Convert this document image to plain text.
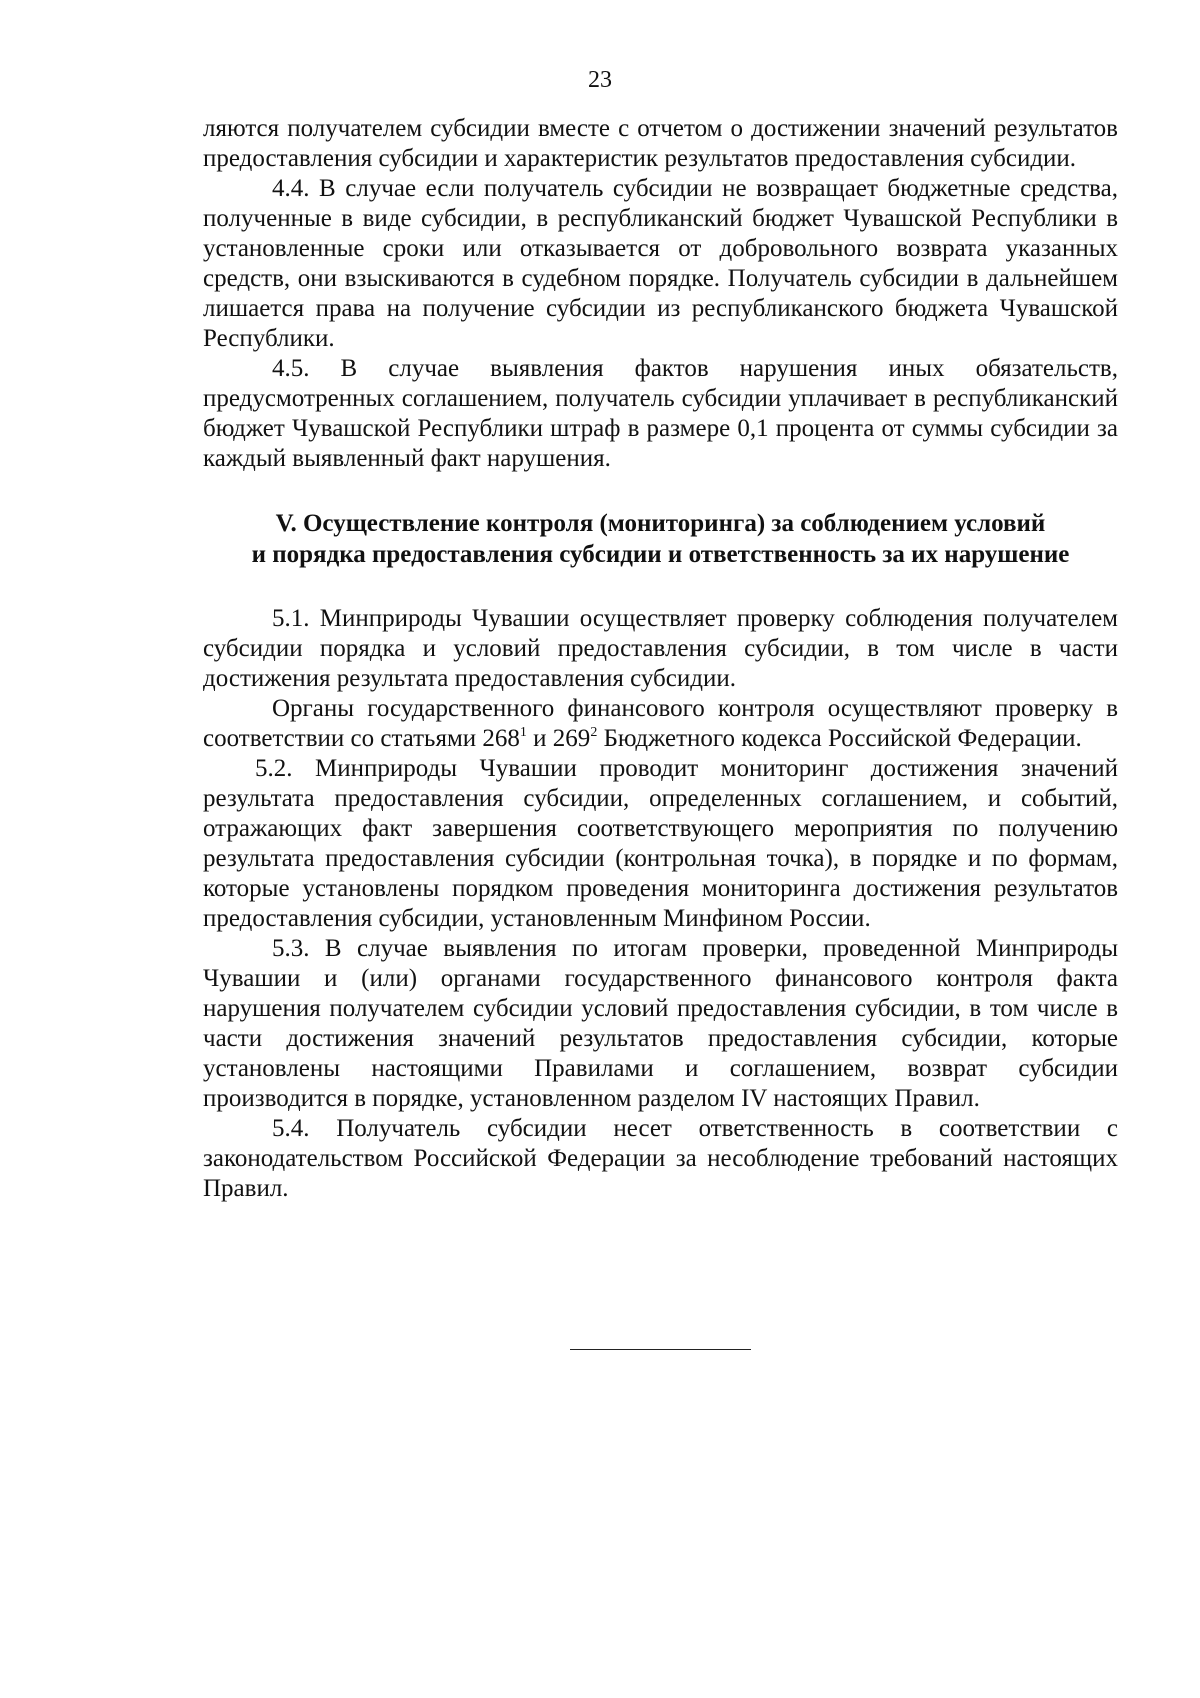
23

ляются получателем субсидии вместе с отчетом о достижении значений результатов предоставления субсидии и характеристик результатов предоставления субсидии.

4.4. В случае если получатель субсидии не возвращает бюджетные средства, полученные в виде субсидии, в республиканский бюджет Чувашской Республики в установленные сроки или отказывается от добровольного возврата указанных средств, они взыскиваются в судебном порядке. Получатель субсидии в дальнейшем лишается права на получение субсидии из республиканского бюджета Чувашской Республики.

4.5. В случае выявления фактов нарушения иных обязательств, предусмотренных соглашением, получатель субсидии уплачивает в республиканский бюджет Чувашской Республики штраф в размере 0,1 процента от суммы субсидии за каждый выявленный факт нарушения.

V. Осуществление контроля (мониторинга) за соблюдением условий
и порядка предоставления субсидии и ответственность за их нарушение

5.1. Минприроды Чувашии осуществляет проверку соблюдения получателем субсидии порядка и условий предоставления субсидии, в том числе в части достижения результата предоставления субсидии.

Органы государственного финансового контроля осуществляют проверку в соответствии со статьями $268^1$ и $269^2$ Бюджетного кодекса Российской Федерации.

5.2. Минприроды Чувашии проводит мониторинг достижения значений результата предоставления субсидии, определенных соглашением, и событий, отражающих факт завершения соответствующего мероприятия по получению результата предоставления субсидии (контрольная точка), в порядке и по формам, которые установлены порядком проведения мониторинга достижения результатов предоставления субсидии, установленным Минфином России.

5.3. В случае выявления по итогам проверки, проведенной Минприроды Чувашии и (или) органами государственного финансового контроля факта нарушения получателем субсидии условий предоставления субсидии, в том числе в части достижения значений результатов предоставления субсидии, которые установлены настоящими Правилами и соглашением, возврат субсидии производится в порядке, установленном разделом IV настоящих Правил.

5.4. Получатель субсидии несет ответственность в соответствии с законодательством Российской Федерации за несоблюдение требований настоящих Правил.
